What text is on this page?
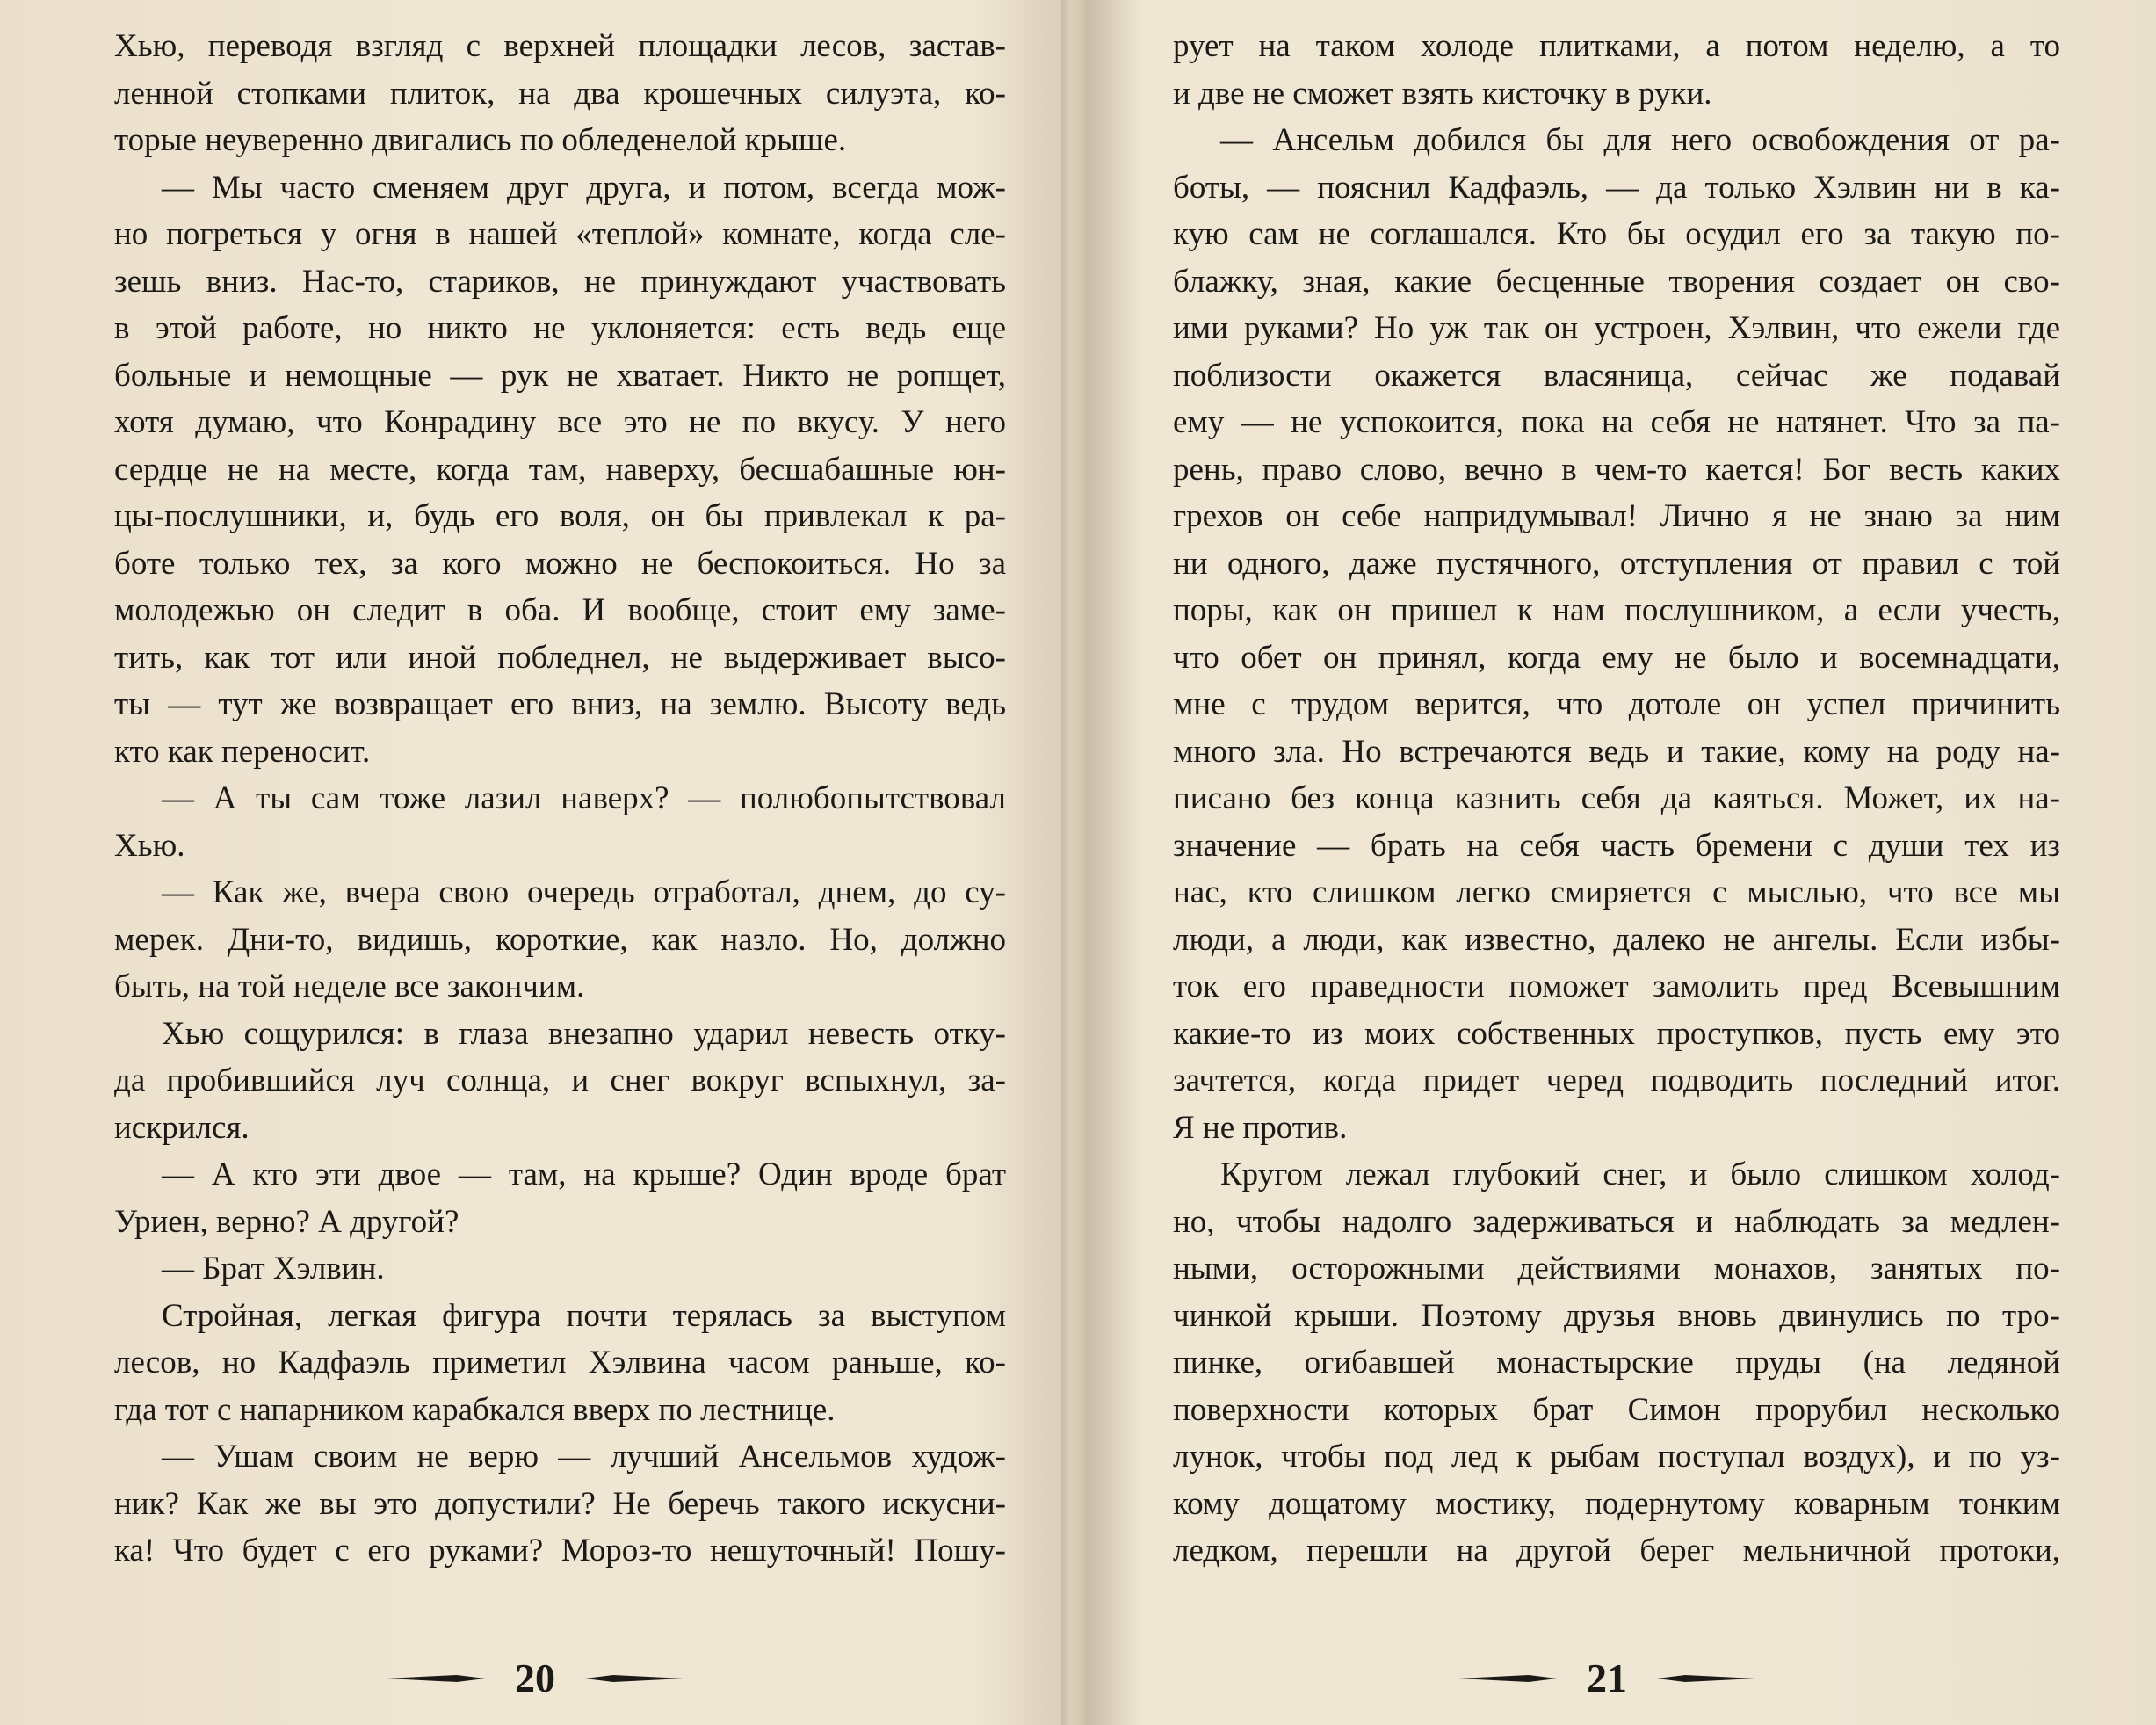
Хью, переводя взгляд с верхней площадки лесов, застав-
ленной стопками плиток, на два крошечных силуэта, ко-
торые неуверенно двигались по обледенелой крыше.
— Мы часто сменяем друг друга, и потом, всегда мож-
но погреться у огня в нашей «теплой» комнате, когда сле-
зешь вниз. Нас-то, стариков, не принуждают участвовать
в этой работе, но никто не уклоняется: есть ведь еще
больные и немощные — рук не хватает. Никто не ропщет,
хотя думаю, что Конрадину все это не по вкусу. У него
сердце не на месте, когда там, наверху, бесшабашные юн-
цы-послушники, и, будь его воля, он бы привлекал к ра-
боте только тех, за кого можно не беспокоиться. Но за
молодежью он следит в оба. И вообще, стоит ему заме-
тить, как тот или иной побледнел, не выдерживает высо-
ты — тут же возвращает его вниз, на землю. Высоту ведь
кто как переносит.
— А ты сам тоже лазил наверх? — полюбопытствовал
Хью.
— Как же, вчера свою очередь отработал, днем, до су-
мерек. Дни-то, видишь, короткие, как назло. Но, должно
быть, на той неделе все закончим.
Хью сощурился: в глаза внезапно ударил невесть отку-
да пробившийся луч солнца, и снег вокруг вспыхнул, за-
искрился.
— А кто эти двое — там, на крыше? Один вроде брат
Уриен, верно? А другой?
— Брат Хэлвин.
Стройная, легкая фигура почти терялась за выступом
лесов, но Кадфаэль приметил Хэлвина часом раньше, ко-
гда тот с напарником карабкался вверх по лестнице.
— Ушам своим не верю — лучший Ансельмов худож-
ник? Как же вы это допустили? Не беречь такого искусни-
ка! Что будет с его руками? Мороз-то нешуточный! Пошу-
рует на таком холоде плитками, а потом неделю, а то
и две не сможет взять кисточку в руки.
— Ансельм добился бы для него освобождения от ра-
боты, — пояснил Кадфаэль, — да только Хэлвин ни в ка-
кую сам не соглашался. Кто бы осудил его за такую по-
блажку, зная, какие бесценные творения создает он сво-
ими руками? Но уж так он устроен, Хэлвин, что ежели где
поблизости окажется власяница, сейчас же подавай
ему — не успокоится, пока на себя не натянет. Что за па-
рень, право слово, вечно в чем-то кается! Бог весть каких
грехов он себе напридумывал! Лично я не знаю за ним
ни одного, даже пустячного, отступления от правил с той
поры, как он пришел к нам послушником, а если учесть,
что обет он принял, когда ему не было и восемнадцати,
мне с трудом верится, что дотоле он успел причинить
много зла. Но встречаются ведь и такие, кому на роду на-
писано без конца казнить себя да каяться. Может, их на-
значение — брать на себя часть бремени с души тех из
нас, кто слишком легко смиряется с мыслью, что все мы
люди, а люди, как известно, далеко не ангелы. Если избы-
ток его праведности поможет замолить пред Всевышним
какие-то из моих собственных проступков, пусть ему это
зачтется, когда придет черед подводить последний итог.
Я не против.
Кругом лежал глубокий снег, и было слишком холод-
но, чтобы надолго задерживаться и наблюдать за медлен-
ными, осторожными действиями монахов, занятых по-
чинкой крыши. Поэтому друзья вновь двинулись по тро-
пинке, огибавшей монастырские пруды (на ледяной
поверхности которых брат Симон прорубил несколько
лунок, чтобы под лед к рыбам поступал воздух), и по уз-
кому дощатому мостику, подернутому коварным тонким
ледком, перешли на другой берег мельничной протоки,
20	21
